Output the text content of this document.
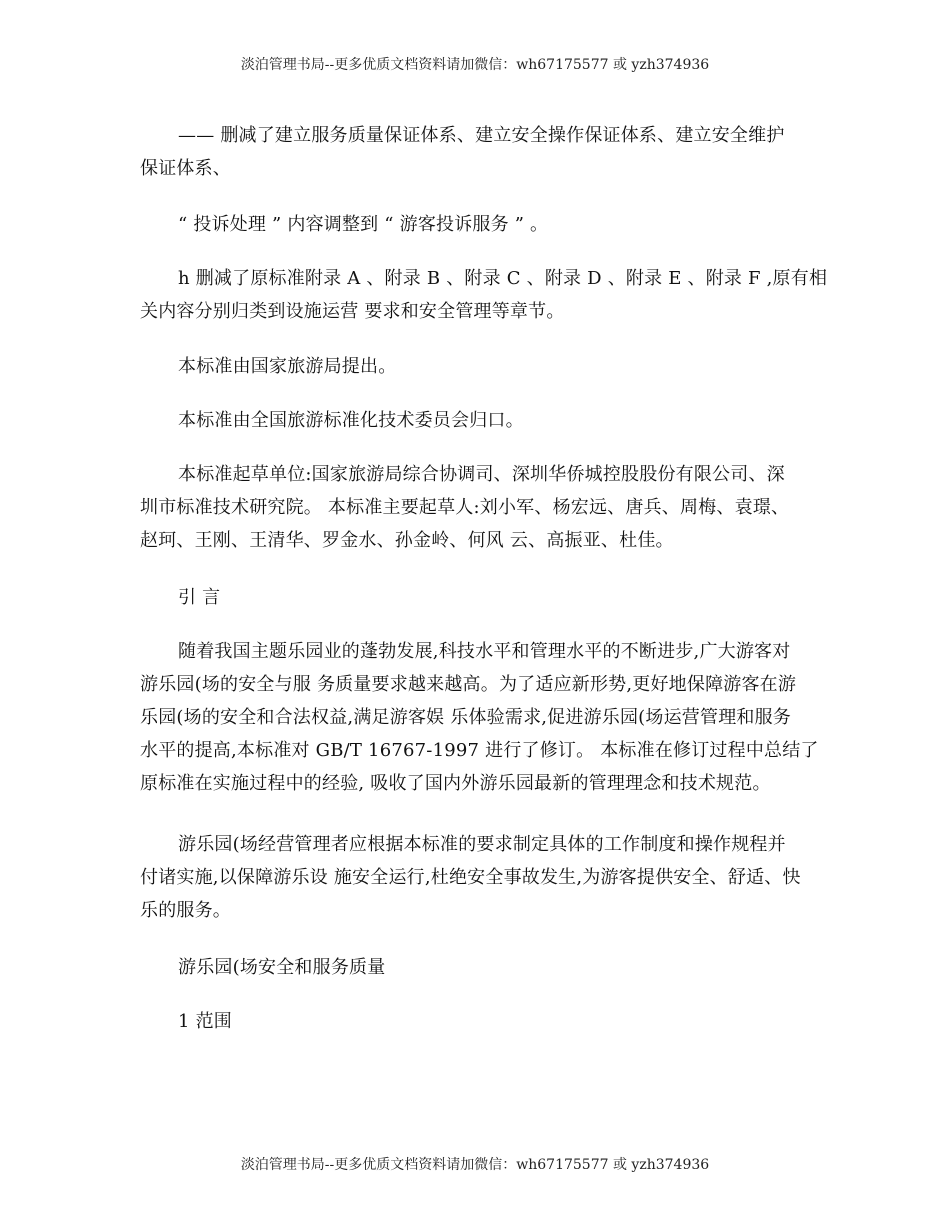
淡泊管理书局--更多优质文档资料请加微信：wh67175577 或 yzh374936
—— 删减了建立服务质量保证体系、建立安全操作保证体系、建立安全维护
保证体系、
“ 投诉处理 ” 内容调整到 “ 游客投诉服务 ” 。
h 删减了原标准附录 A 、附录 B 、附录 C 、附录 D 、附录 E 、附录 F ,原有相
关内容分别归类到设施运营 要求和安全管理等章节。
本标准由国家旅游局提出。
本标准由全国旅游标准化技术委员会归口。
本标准起草单位:国家旅游局综合协调司、深圳华侨城控股股份有限公司、深
圳市标准技术研究院。 本标准主要起草人:刘小军、杨宏远、唐兵、周梅、袁璟、
赵珂、王刚、王清华、罗金水、孙金岭、何风 云、高振亚、杜佳。
引 言
随着我国主题乐园业的蓬勃发展,科技水平和管理水平的不断进步,广大游客对
游乐园(场的安全与服 务质量要求越来越高。为了适应新形势,更好地保障游客在游
乐园(场的安全和合法权益,满足游客娱 乐体验需求,促进游乐园(场运营管理和服务
水平的提高,本标准对 GB/T 16767-1997 进行了修订。 本标准在修订过程中总结了
原标准在实施过程中的经验, 吸收了国内外游乐园最新的管理理念和技术规范。
游乐园(场经营管理者应根据本标准的要求制定具体的工作制度和操作规程并
付诸实施,以保障游乐设 施安全运行,杜绝安全事故发生,为游客提供安全、舒适、快
乐的服务。
游乐园(场安全和服务质量
1 范围
淡泊管理书局--更多优质文档资料请加微信：wh67175577 或 yzh374936
